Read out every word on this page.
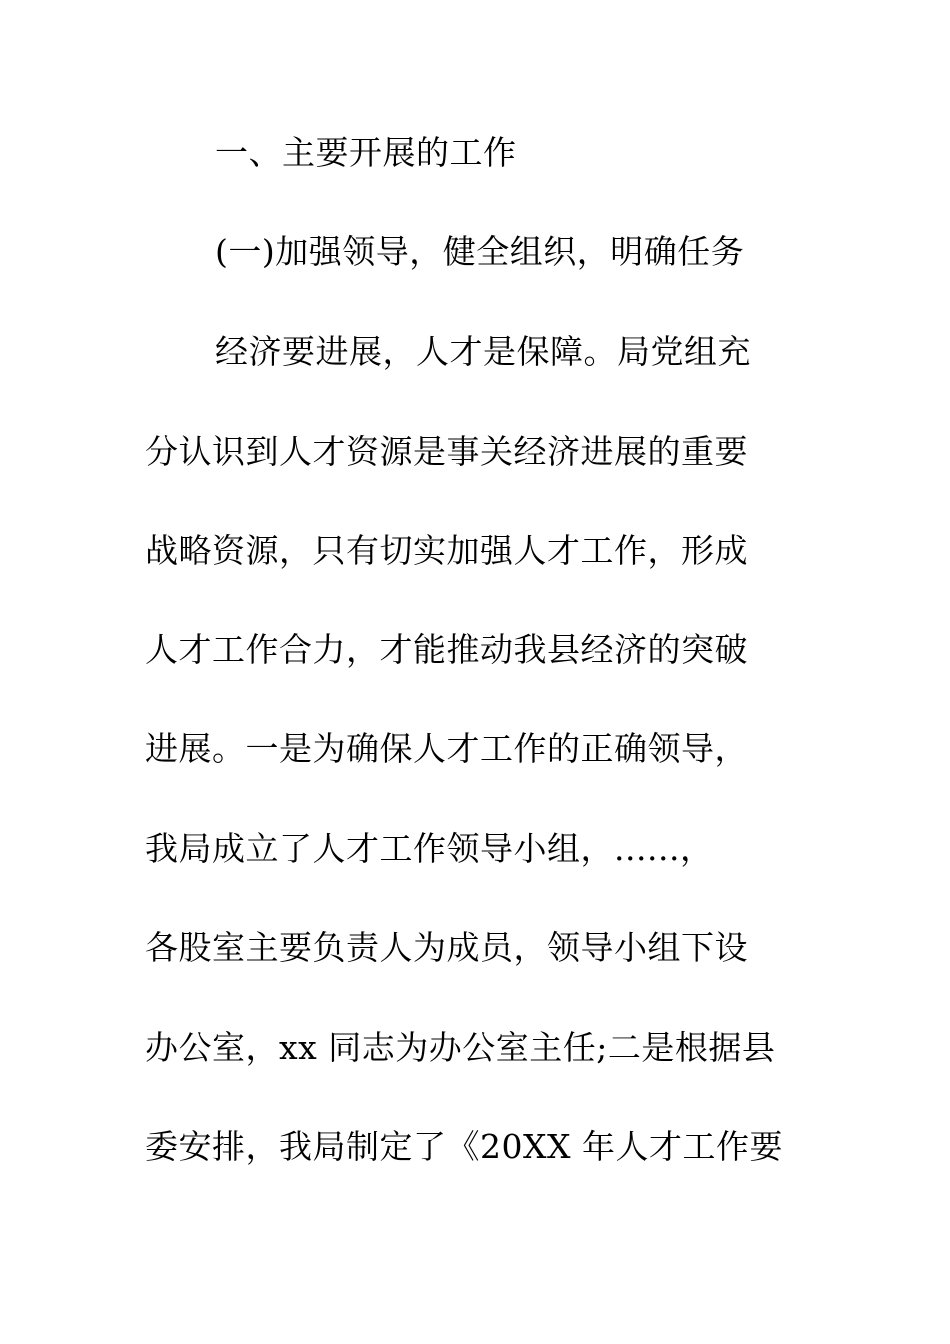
一、主要开展的工作
(一)加强领导，健全组织，明确任务
经济要进展，人才是保障。局党组充
分认识到人才资源是事关经济进展的重要
战略资源，只有切实加强人才工作，形成
人才工作合力，才能推动我县经济的突破
进展。一是为确保人才工作的正确领导，
我局成立了人才工作领导小组，......，
各股室主要负责人为成员，领导小组下设
办公室，xx 同志为办公室主任;二是根据县
委安排，我局制定了《20XX 年人才工作要
